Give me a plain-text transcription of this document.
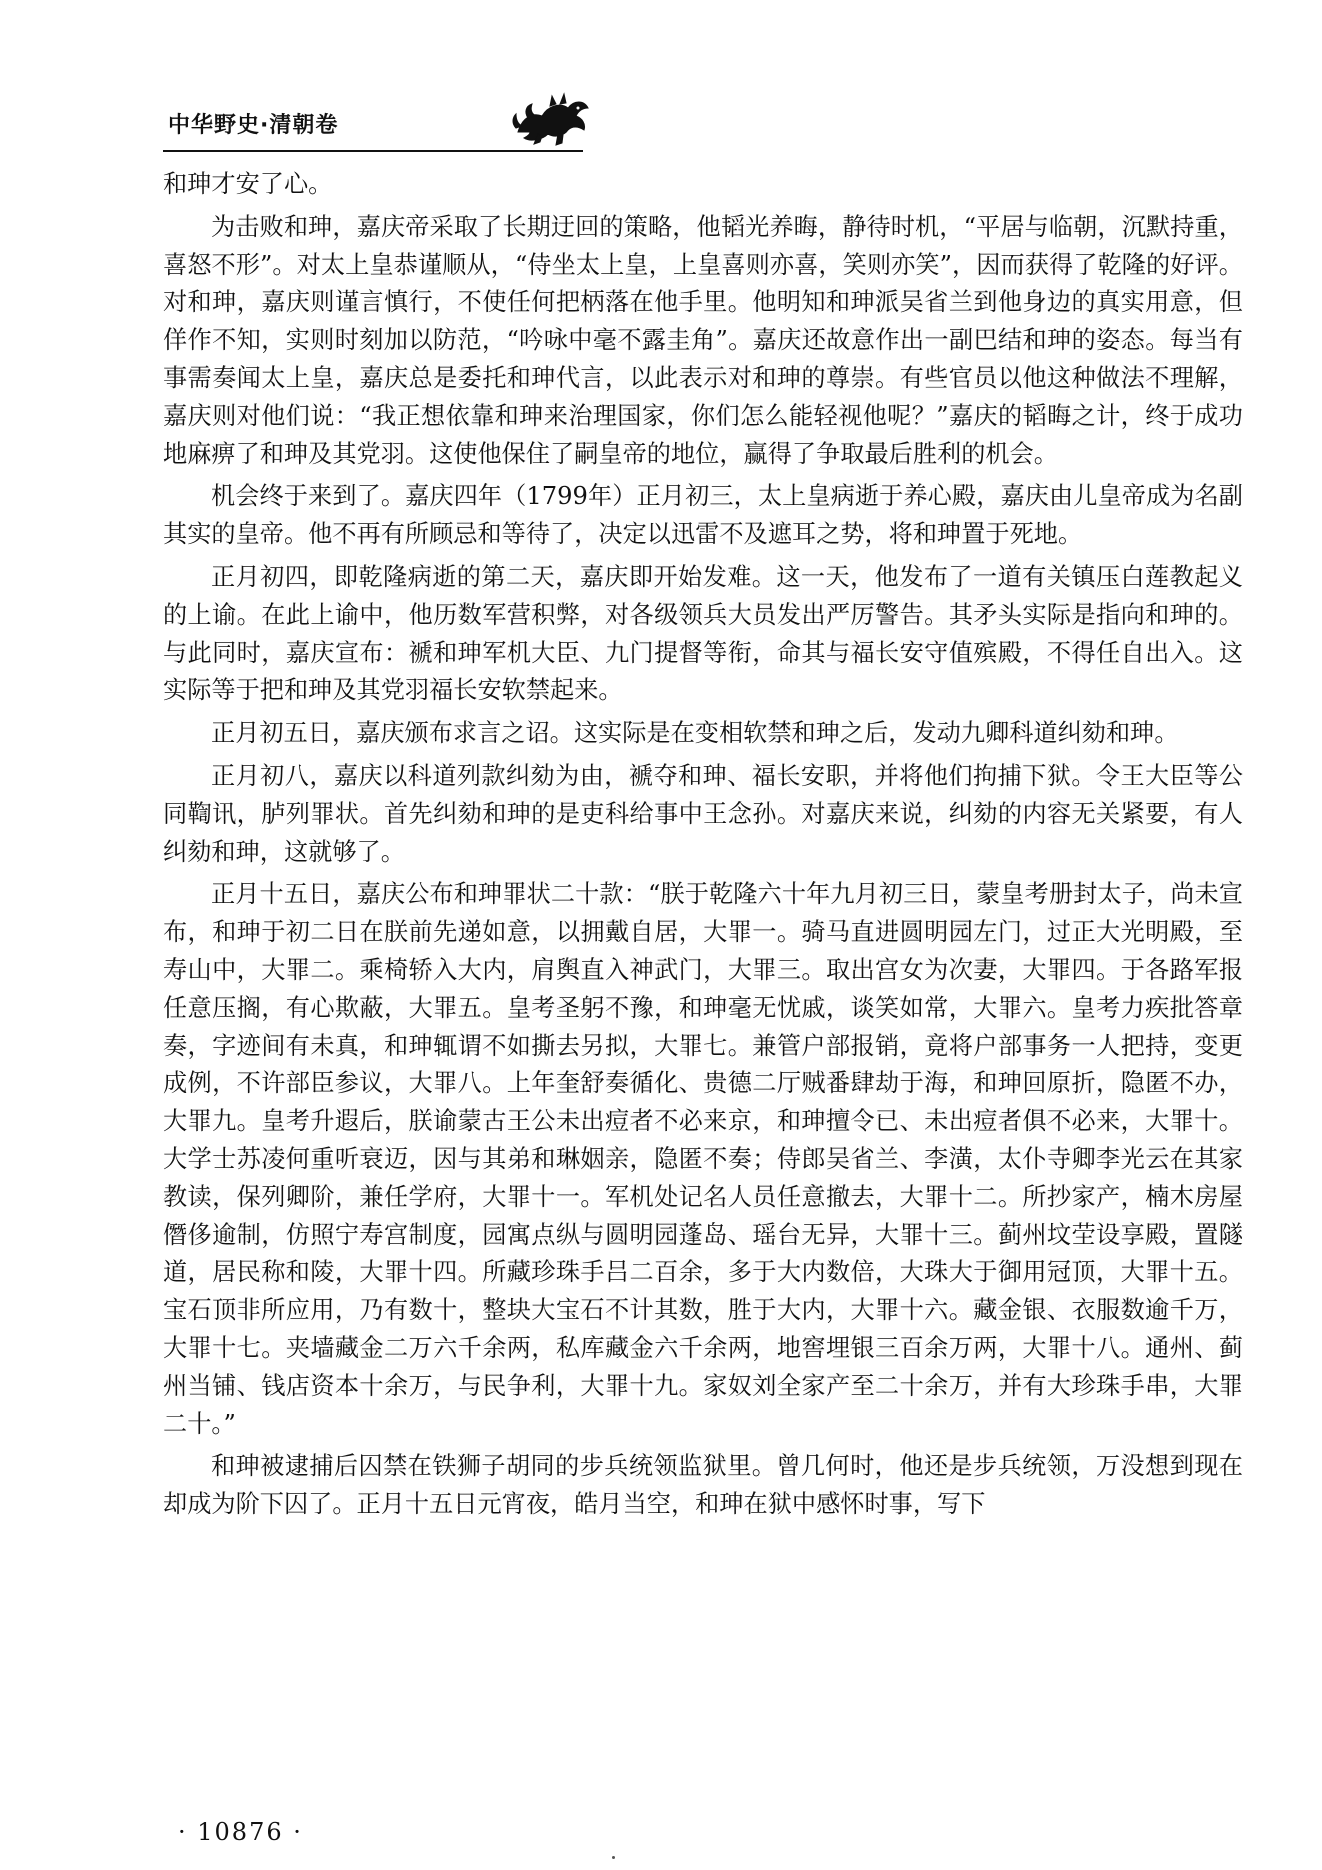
中华野史·清朝卷

和珅才安了心。

为击败和珅，嘉庆帝采取了长期迂回的策略，他韬光养晦，静待时机，“平居与临朝，沉默持重，喜怒不形”。对太上皇恭谨顺从，“侍坐太上皇，上皇喜则亦喜，笑则亦笑”，因而获得了乾隆的好评。对和珅，嘉庆则谨言慎行，不使任何把柄落在他手里。他明知和珅派吴省兰到他身边的真实用意，但佯作不知，实则时刻加以防范，“吟咏中毫不露圭角”。嘉庆还故意作出一副巴结和珅的姿态。每当有事需奏闻太上皇，嘉庆总是委托和珅代言，以此表示对和珅的尊崇。有些官员以他这种做法不理解，嘉庆则对他们说：“我正想依靠和珅来治理国家，你们怎么能轻视他呢？”嘉庆的韬晦之计，终于成功地麻痹了和珅及其党羽。这使他保住了嗣皇帝的地位，赢得了争取最后胜利的机会。

机会终于来到了。嘉庆四年（1799年）正月初三，太上皇病逝于养心殿，嘉庆由儿皇帝成为名副其实的皇帝。他不再有所顾忌和等待了，决定以迅雷不及遮耳之势，将和珅置于死地。

正月初四，即乾隆病逝的第二天，嘉庆即开始发难。这一天，他发布了一道有关镇压白莲教起义的上谕。在此上谕中，他历数军营积弊，对各级领兵大员发出严厉警告。其矛头实际是指向和珅的。与此同时，嘉庆宣布：褫和珅军机大臣、九门提督等衔，命其与福长安守值殡殿，不得任自出入。这实际等于把和珅及其党羽福长安软禁起来。

正月初五日，嘉庆颁布求言之诏。这实际是在变相软禁和珅之后，发动九卿科道纠劾和珅。

正月初八，嘉庆以科道列款纠劾为由，褫夺和珅、福长安职，并将他们拘捕下狱。令王大臣等公同鞫讯，胪列罪状。首先纠劾和珅的是吏科给事中王念孙。对嘉庆来说，纠劾的内容无关紧要，有人纠劾和珅，这就够了。

正月十五日，嘉庆公布和珅罪状二十款：“朕于乾隆六十年九月初三日，蒙皇考册封太子，尚未宣布，和珅于初二日在朕前先递如意，以拥戴自居，大罪一。骑马直进圆明园左门，过正大光明殿，至寿山中，大罪二。乘椅轿入大内，肩舆直入神武门，大罪三。取出宫女为次妻，大罪四。于各路军报任意压搁，有心欺蔽，大罪五。皇考圣躬不豫，和珅毫无忧戚，谈笑如常，大罪六。皇考力疾批答章奏，字迹间有未真，和珅辄谓不如撕去另拟，大罪七。兼管户部报销，竟将户部事务一人把持，变更成例，不许部臣参议，大罪八。上年奎舒奏循化、贵德二厅贼番肆劫于海，和珅回原折，隐匿不办，大罪九。皇考升遐后，朕谕蒙古王公未出痘者不必来京，和珅擅令已、未出痘者俱不必来，大罪十。大学士苏凌何重听衰迈，因与其弟和琳姻亲，隐匿不奏；侍郎吴省兰、李潢，太仆寺卿李光云在其家教读，保列卿阶，兼任学府，大罪十一。军机处记名人员任意撤去，大罪十二。所抄家产，楠木房屋僭侈逾制，仿照宁寿宫制度，园寓点纵与圆明园蓬岛、瑶台无异，大罪十三。蓟州坟茔设享殿，置隧道，居民称和陵，大罪十四。所藏珍珠手吕二百余，多于大内数倍，大珠大于御用冠顶，大罪十五。宝石顶非所应用，乃有数十，整块大宝石不计其数，胜于大内，大罪十六。藏金银、衣服数逾千万，大罪十七。夹墙藏金二万六千余两，私库藏金六千余两，地窖埋银三百余万两，大罪十八。通州、蓟州当铺、钱店资本十余万，与民争利，大罪十九。家奴刘全家产至二十余万，并有大珍珠手串，大罪二十。”

和珅被逮捕后囚禁在铁狮子胡同的步兵统领监狱里。曾几何时，他还是步兵统领，万没想到现在却成为阶下囚了。正月十五日元宵夜，皓月当空，和珅在狱中感怀时事，写下

· 10876 ·
